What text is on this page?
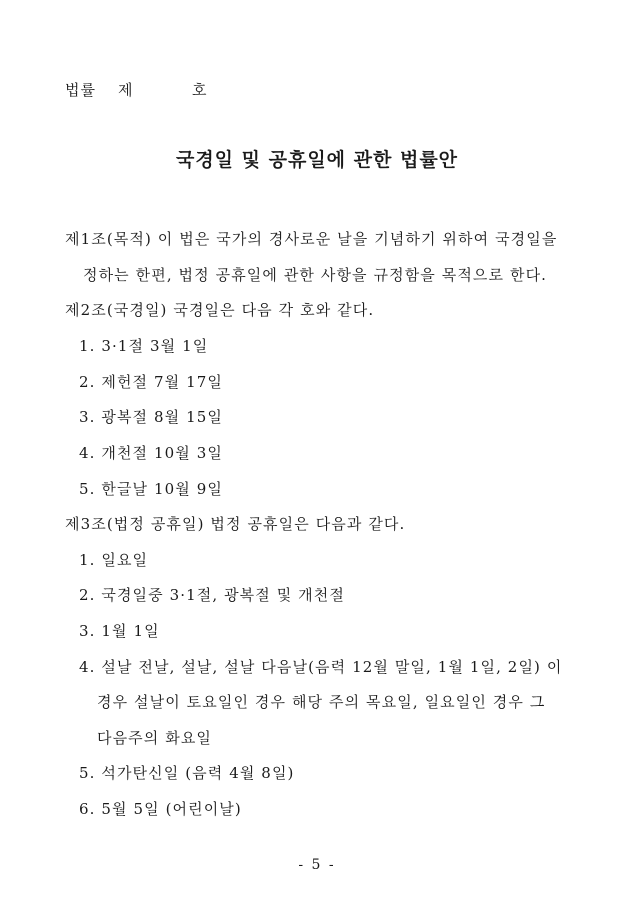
법률 제	호
국경일 및 공휴일에 관한 법률안
제1조(목적) 이 법은 국가의 경사로운 날을 기념하기 위하여 국경일을
정하는 한편, 법정 공휴일에 관한 사항을 규정함을 목적으로 한다.
제2조(국경일) 국경일은 다음 각 호와 같다.
1. 3·1절 3월 1일
2. 제헌절 7월 17일
3. 광복절 8월 15일
4. 개천절 10월 3일
5. 한글날 10월 9일
제3조(법정 공휴일) 법정 공휴일은 다음과 같다.
1. 일요일
2. 국경일중 3·1절, 광복절 및 개천절
3. 1월 1일
4. 설날 전날, 설날, 설날 다음날(음력 12월 말일, 1월 1일, 2일) 이
경우 설날이 토요일인 경우 해당 주의 목요일, 일요일인 경우 그
다음주의 화요일
5. 석가탄신일 (음력 4월 8일)
6. 5월 5일 (어린이날)
- 5 -
